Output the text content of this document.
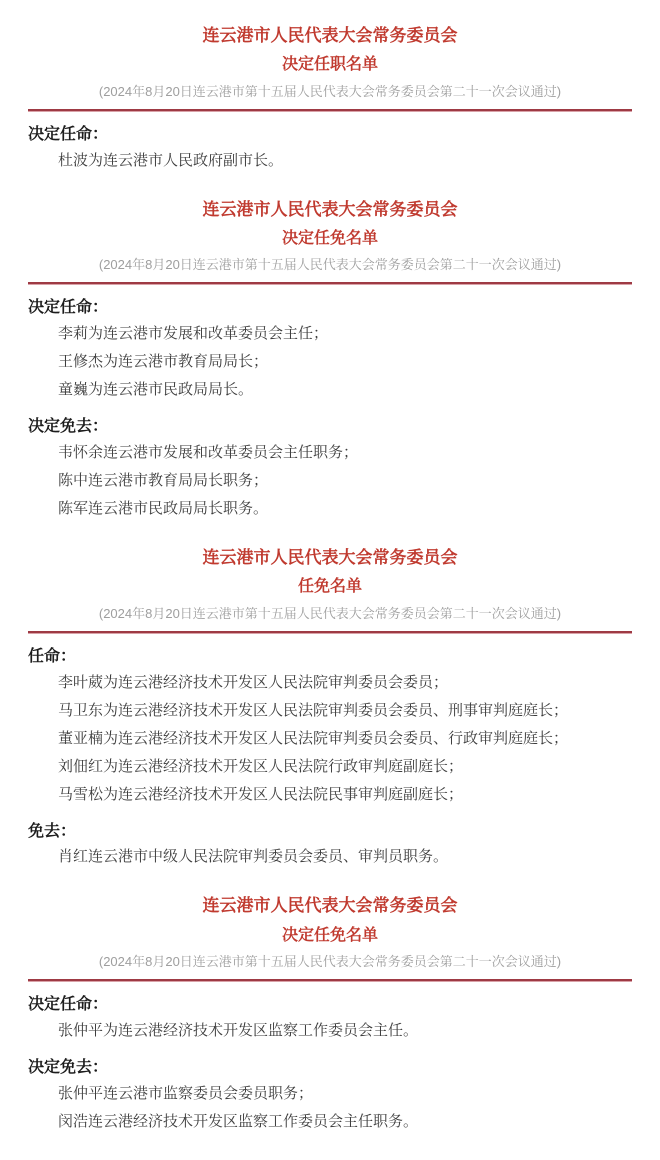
连云港市人民代表大会常务委员会
决定任职名单

(2024年8月20日连云港市第十五届人民代表大会常务委员会第二十一次会议通过)

决定任命：

杜波为连云港市人民政府副市长。

连云港市人民代表大会常务委员会
决定任免名单

(2024年8月20日连云港市第十五届人民代表大会常务委员会第二十一次会议通过)

决定任命：

李莉为连云港市发展和改革委员会主任；

王修杰为连云港市教育局局长；

童巍为连云港市民政局局长。

决定免去：

韦怀余连云港市发展和改革委员会主任职务；

陈中连云港市教育局局长职务；

陈军连云港市民政局局长职务。

连云港市人民代表大会常务委员会
任免名单

(2024年8月20日连云港市第十五届人民代表大会常务委员会第二十一次会议通过)

任命：

李叶葳为连云港经济技术开发区人民法院审判委员会委员；

马卫东为连云港经济技术开发区人民法院审判委员会委员、刑事审判庭庭长；

董亚楠为连云港经济技术开发区人民法院审判委员会委员、行政审判庭庭长；

刘佃红为连云港经济技术开发区人民法院行政审判庭副庭长；

马雪松为连云港经济技术开发区人民法院民事审判庭副庭长；

免去：

肖红连云港市中级人民法院审判委员会委员、审判员职务。

连云港市人民代表大会常务委员会
决定任免名单

(2024年8月20日连云港市第十五届人民代表大会常务委员会第二十一次会议通过)

决定任命：

张仲平为连云港经济技术开发区监察工作委员会主任。

决定免去：

张仲平连云港市监察委员会委员职务；

闵浩连云港经济技术开发区监察工作委员会主任职务。
